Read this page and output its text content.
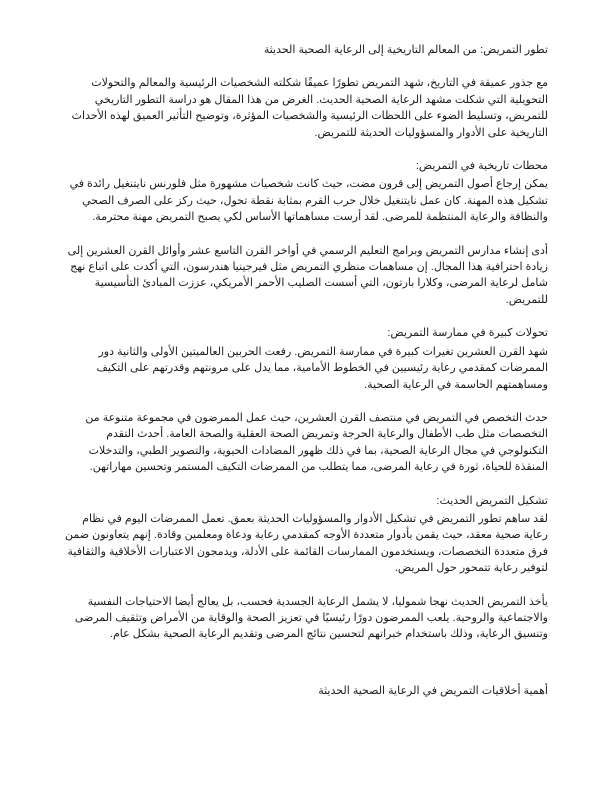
تطور التمريض: من المعالم التاريخية إلى الرعاية الصحية الحديثة

مع جذور عميقة في التاريخ، شهد التمريض تطورًا عميقًا شكلته الشخصيات الرئيسية والمعالم والتحولات التحويلية التي شكلت مشهد الرعاية الصحية الحديث. الغرض من هذا المقال هو دراسة التطور التاريخي للتمريض، وتسليط الضوء على اللحظات الرئيسية والشخصيات المؤثرة، وتوضيح التأثير العميق لهذه الأحداث التاريخية على الأدوار والمسؤوليات الحديثة للتمريض.

محطات تاريخية في التمريض:

يمكن إرجاع أصول التمريض إلى قرون مضت، حيث كانت شخصيات مشهورة مثل فلورنس نايتنغيل رائدة في تشكيل هذه المهنة. كان عمل نايتنغيل خلال حرب القرم بمثابة نقطة تحول، حيث ركز على الصرف الصحي والنظافة والرعاية المنتظمة للمرضى. لقد أرست مساهماتها الأساس لكي يصبح التمريض مهنة محترمة.

أدى إنشاء مدارس التمريض وبرامج التعليم الرسمي في أواخر القرن التاسع عشر وأوائل القرن العشرين إلى زيادة احترافية هذا المجال. إن مساهمات منظري التمريض مثل فيرجينيا هندرسون، التي أكدت على اتباع نهج شامل لرعاية المرضى، وكلارا بارتون، التي أسست الصليب الأحمر الأمريكي، عززت المبادئ التأسيسية للتمريض.

تحولات كبيرة في ممارسة التمريض:

شهد القرن العشرين تغيرات كبيرة في ممارسة التمريض. رفعت الحربين العالميتين الأولى والثانية دور الممرضات كمقدمي رعاية رئيسيين في الخطوط الأمامية، مما يدل على مرونتهم وقدرتهم على التكيف ومساهمتهم الحاسمة في الرعاية الصحية.

حدث التخصص في التمريض في منتصف القرن العشرين، حيث عمل الممرضون في مجموعة متنوعة من التخصصات مثل طب الأطفال والرعاية الحرجة وتمريض الصحة العقلية والصحة العامة. أحدث التقدم التكنولوجي في مجال الرعاية الصحية، بما في ذلك ظهور المضادات الحيوية، والتصوير الطبي، والتدخلات المنقذة للحياة، ثورة في رعاية المرضى، مما يتطلب من الممرضات التكيف المستمر وتحسين مهاراتهن.

تشكيل التمريض الحديث:

لقد ساهم تطور التمريض في تشكيل الأدوار والمسؤوليات الحديثة بعمق. تعمل الممرضات اليوم في نظام رعاية صحية معقد، حيث يقمن بأدوار متعددة الأوجه كمقدمي رعاية ودعاة ومعلمين وقادة. إنهم يتعاونون ضمن فرق متعددة التخصصات، ويستخدمون الممارسات القائمة على الأدلة، ويدمجون الاعتبارات الأخلاقية والثقافية لتوفير رعاية تتمحور حول المريض.

يأخذ التمريض الحديث نهجا شموليا، لا يشمل الرعاية الجسدية فحسب، بل يعالج أيضا الاحتياجات النفسية والاجتماعية والروحية. يلعب الممرضون دورًا رئيسيًا في تعزيز الصحة والوقاية من الأمراض وتثقيف المرضى وتنسيق الرعاية، وذلك باستخدام خبراتهم لتحسين نتائج المرضى وتقديم الرعاية الصحية بشكل عام.

أهمية أخلاقيات التمريض في الرعاية الصحية الحديثة
